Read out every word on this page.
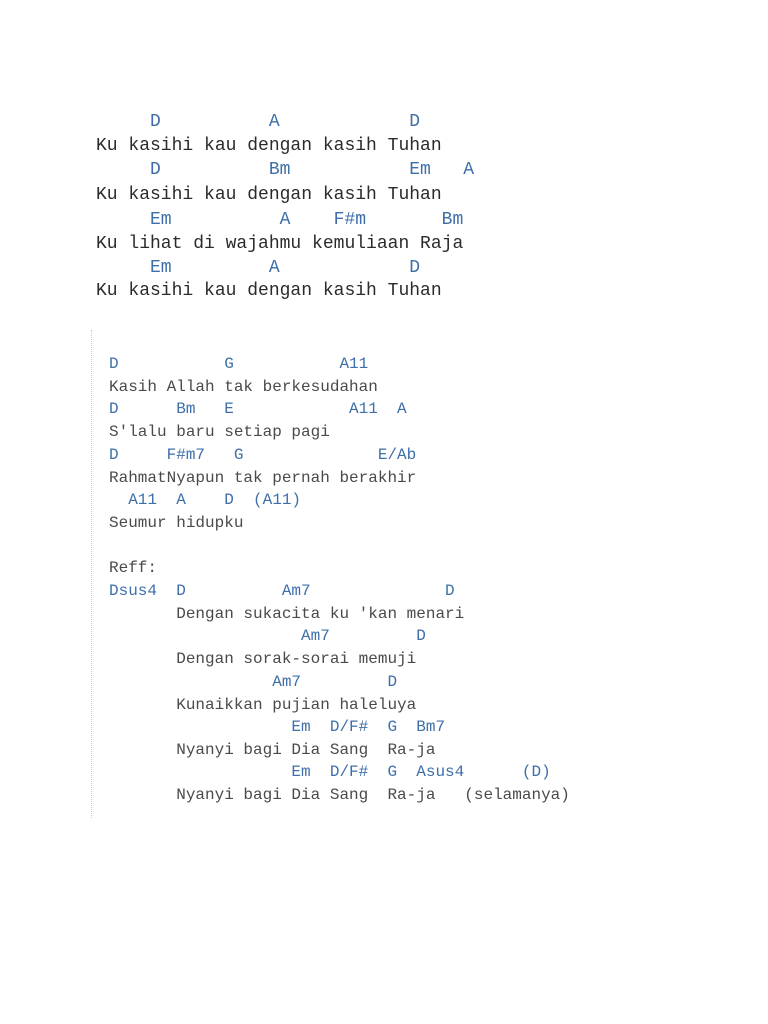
D          A            D
Ku kasihi kau dengan kasih Tuhan
D          Bm           Em   A
Ku kasihi kau dengan kasih Tuhan
Em          A    F#m       Bm
Ku lihat di wajahmu kemuliaan Raja
Em         A            D
Ku kasihi kau dengan kasih Tuhan
D           G           A11
Kasih Allah tak berkesudahan
D      Bm   E            A11  A
S'lalu baru setiap pagi
D     F#m7   G              E/Ab
RahmatNyapun tak pernah berakhir
A11  A    D  (A11)
Seumur hidupku
Reff:
Dsus4  D          Am7              D
Dengan sukacita ku 'kan menari
Am7         D
Dengan sorak-sorai memuji
Am7         D
Kunaikkan pujian haleluya
Em  D/F#  G  Bm7
Nyanyi bagi Dia Sang  Ra-ja
Em  D/F#  G  Asus4      (D)
Nyanyi bagi Dia Sang  Ra-ja   (selamanya)
